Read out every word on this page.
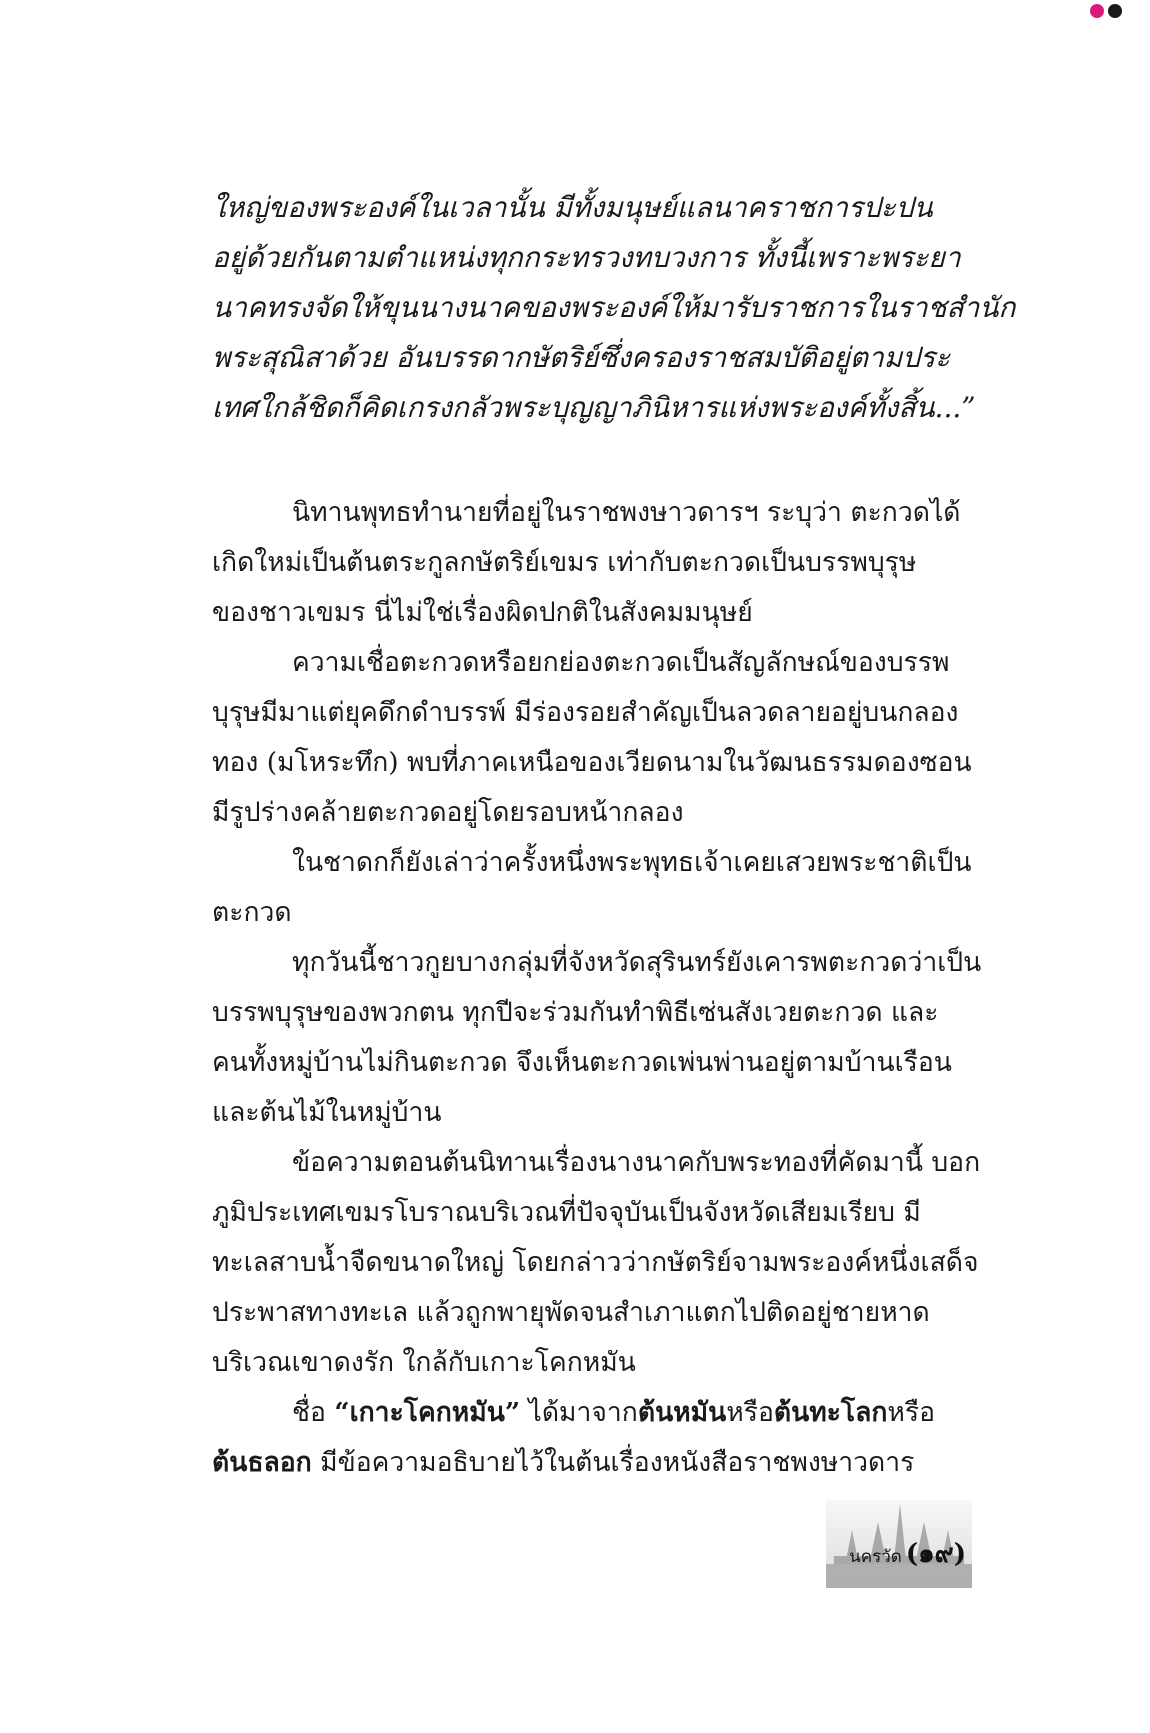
ใหญ่ของพระองค์ในเวลานั้น มีทั้งมนุษย์แลนาคราชการปะปน
อยู่ด้วยกันตามตำแหน่งทุกกระทรวงทบวงการ ทั้งนี้เพราะพระยา
นาคทรงจัดให้ขุนนางนาคของพระองค์ให้มารับราชการในราชสำนัก
พระสุณิสาด้วย อันบรรดากษัตริย์ซึ่งครองราชสมบัติอยู่ตามประ
เทศใกล้ชิดก็คิดเกรงกลัวพระบุญญาภินิหารแห่งพระองค์ทั้งสิ้น...”
นิทานพุทธทำนายที่อยู่ในราชพงษาวดารฯ ระบุว่า ตะกวดได้
เกิดใหม่เป็นต้นตระกูลกษัตริย์เขมร เท่ากับตะกวดเป็นบรรพบุรุษ
ของชาวเขมร นี่ไม่ใช่เรื่องผิดปกติในสังคมมนุษย์
ความเชื่อตะกวดหรือยกย่องตะกวดเป็นสัญลักษณ์ของบรรพ
บุรุษมีมาแต่ยุคดึกดำบรรพ์ มีร่องรอยสำคัญเป็นลวดลายอยู่บนกลอง
ทอง (มโหระทึก) พบที่ภาคเหนือของเวียดนามในวัฒนธรรมดองซอน
มีรูปร่างคล้ายตะกวดอยู่โดยรอบหน้ากลอง
ในชาดกก็ยังเล่าว่าครั้งหนึ่งพระพุทธเจ้าเคยเสวยพระชาติเป็น
ตะกวด
ทุกวันนี้ชาวกูยบางกลุ่มที่จังหวัดสุรินทร์ยังเคารพตะกวดว่าเป็น
บรรพบุรุษของพวกตน ทุกปีจะร่วมกันทำพิธีเซ่นสังเวยตะกวด และ
คนทั้งหมู่บ้านไม่กินตะกวด จึงเห็นตะกวดเพ่นพ่านอยู่ตามบ้านเรือน
และต้นไม้ในหมู่บ้าน
ข้อความตอนต้นนิทานเรื่องนางนาคกับพระทองที่คัดมานี้ บอก
ภูมิประเทศเขมรโบราณบริเวณที่ปัจจุบันเป็นจังหวัดเสียมเรียบ มี
ทะเลสาบน้ำจืดขนาดใหญ่ โดยกล่าวว่ากษัตริย์จามพระองค์หนึ่งเสด็จ
ประพาสทางทะเล แล้วถูกพายุพัดจนสำเภาแตกไปติดอยู่ชายหาด
บริเวณเขาดงรัก ใกล้กับเกาะโคกหมัน
ชื่อ “เกาะโคกหมัน” ได้มาจากต้นหมันหรือต้นทะโลกหรือ
ต้นธลอก มีข้อความอธิบายไว้ในต้นเรื่องหนังสือราชพงษาวดาร
นครวัด (๑๙)
